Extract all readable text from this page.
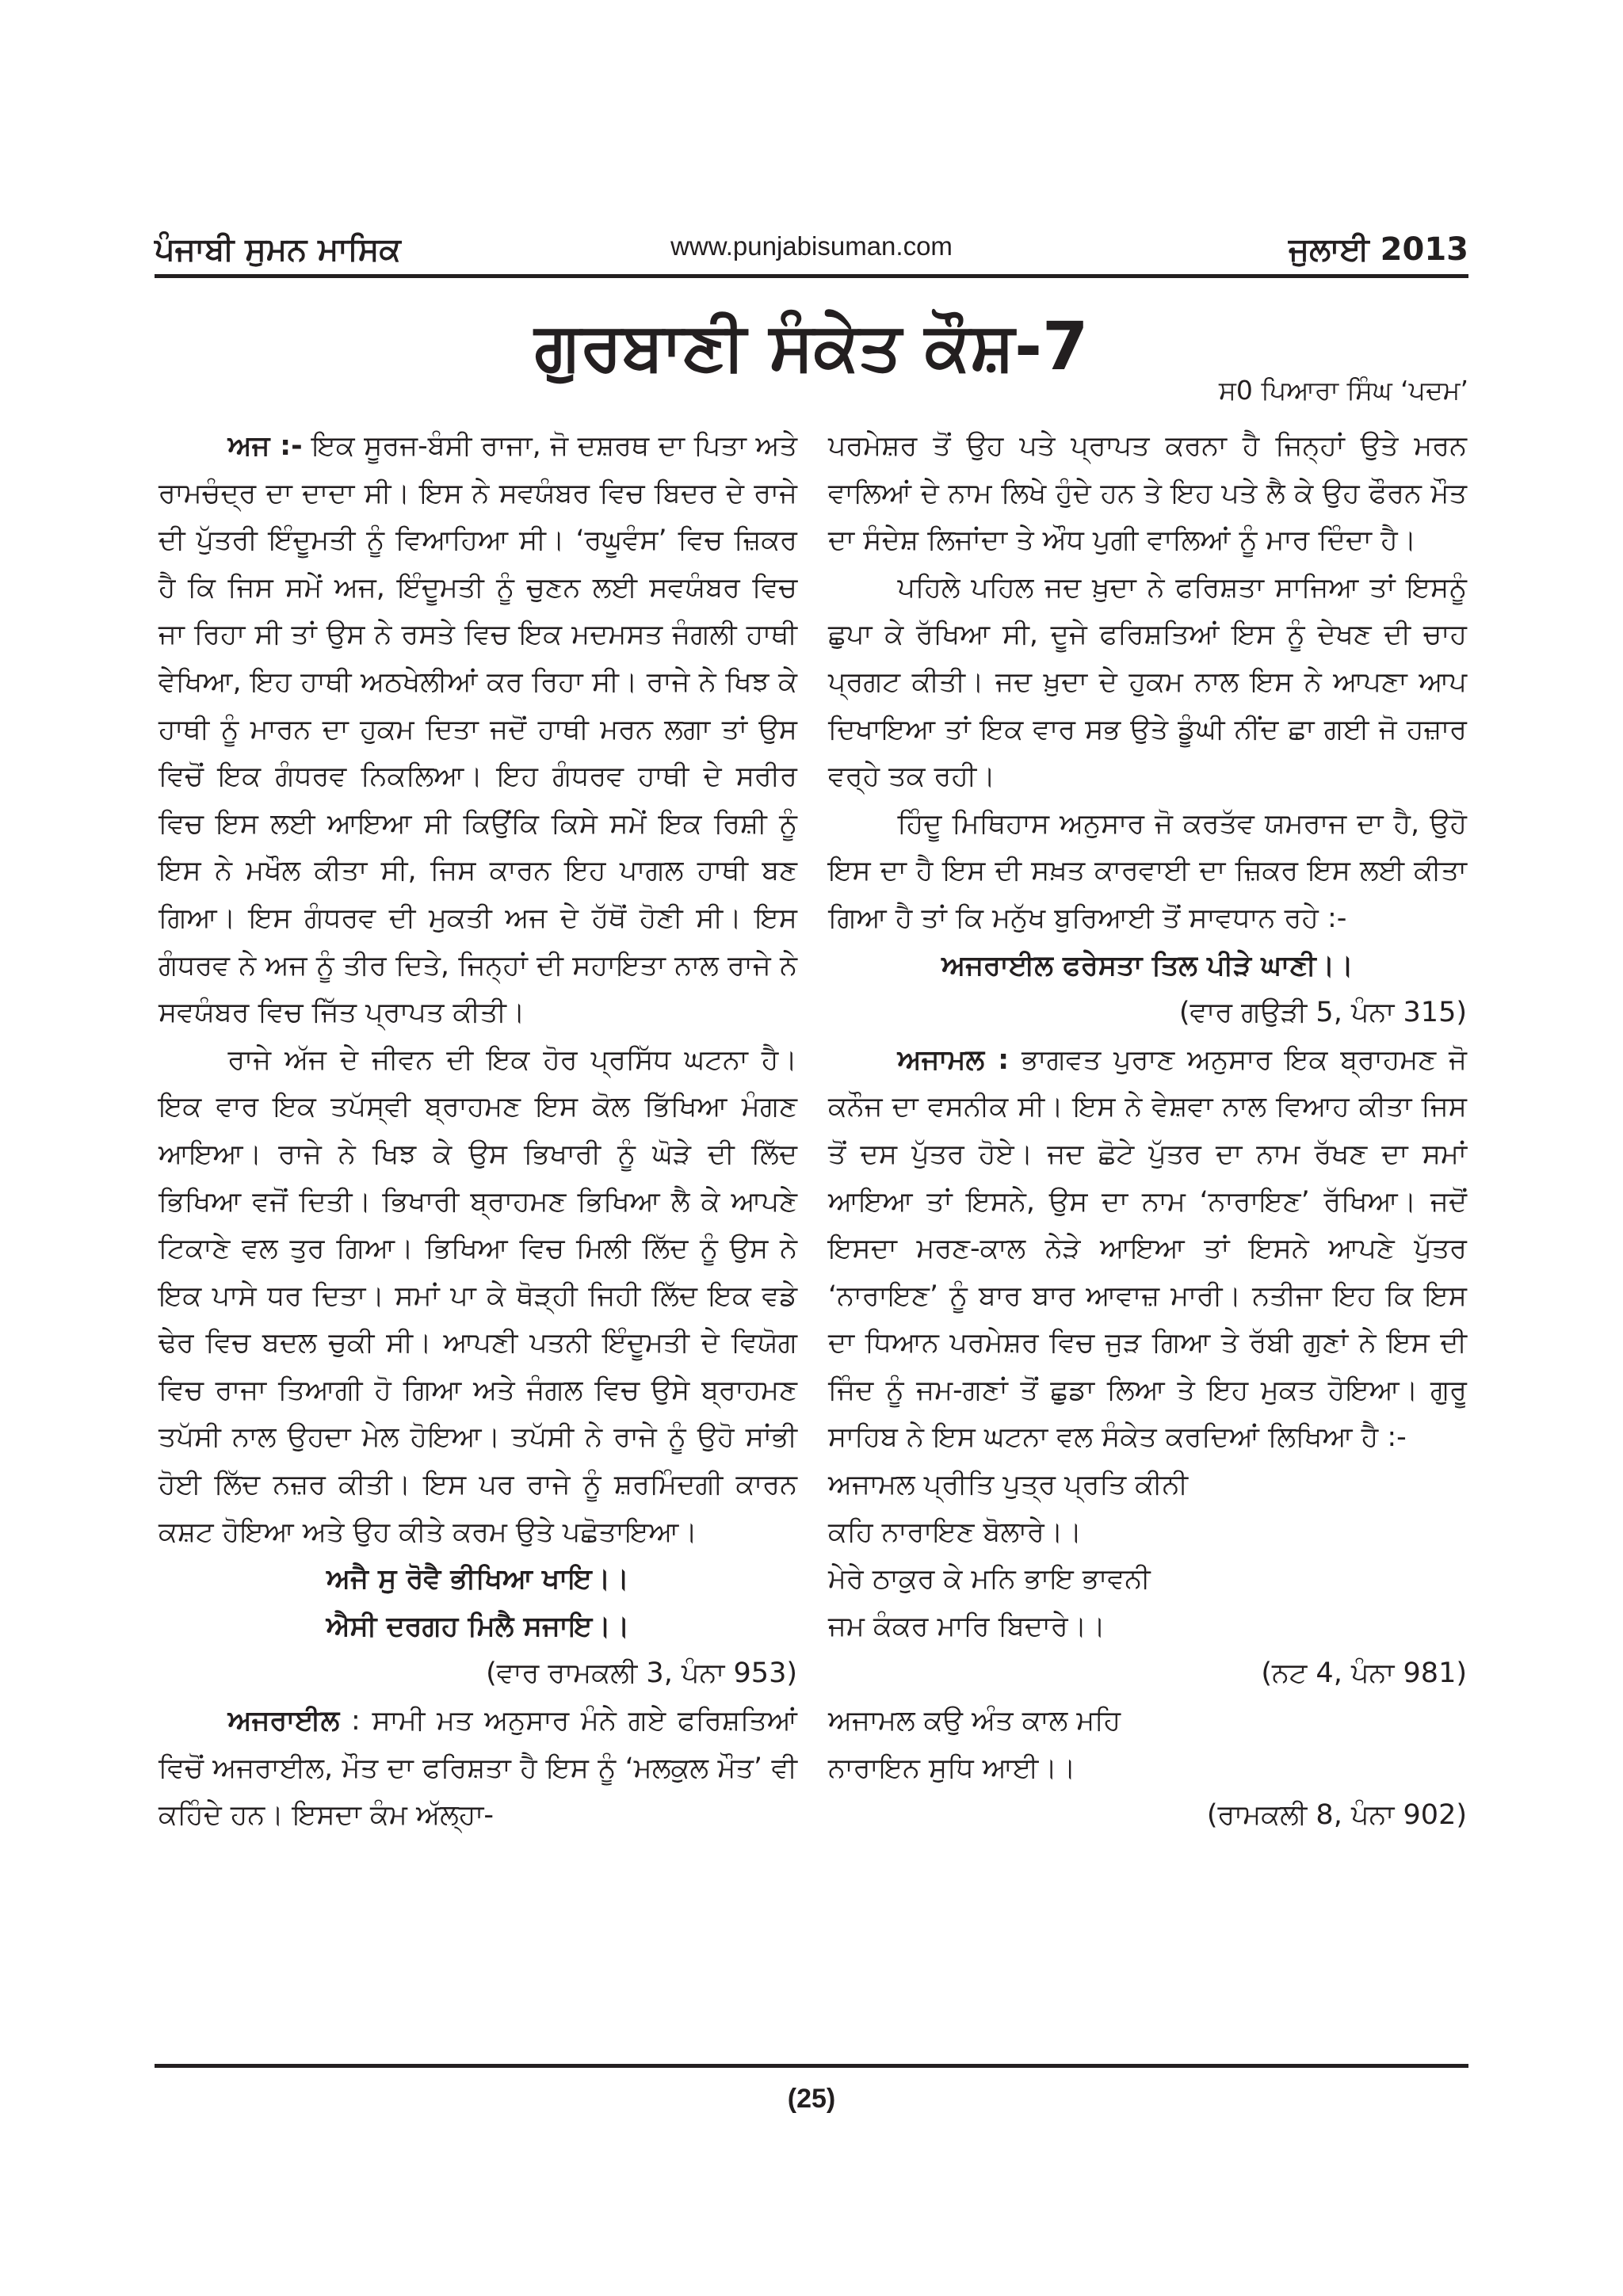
ਪੰਜਾਬੀ ਸੁਮਨ ਮਾਸਿਕ	www.punjabisuman.com	ਜੁਲਾਈ 2013
ਗੁਰਬਾਣੀ ਸੰਕੇਤ ਕੌਸ਼-7
ਸ0 ਪਿਆਰਾ ਸਿੰਘ ‘ਪਦਮ’

ਅਜ :- ਇਕ ਸੂਰਜ-ਬੰਸੀ ਰਾਜਾ, ਜੋ ਦਸ਼ਰਥ ਦਾ ਪਿਤਾ ਅਤੇ ਰਾਮਚੰਦ੍ਰ ਦਾ ਦਾਦਾ ਸੀ। ਇਸ ਨੇ ਸਵਯੰਬਰ ਵਿਚ ਬਿਦਰ ਦੇ ਰਾਜੇ ਦੀ ਪੁੱਤਰੀ ਇੰਦੂਮਤੀ ਨੂੰ ਵਿਆਹਿਆ ਸੀ। ‘ਰਘੂਵੰਸ’ ਵਿਚ ਜ਼ਿਕਰ ਹੈ ਕਿ ਜਿਸ ਸਮੇਂ ਅਜ, ਇੰਦੂਮਤੀ ਨੂੰ ਚੁਣਨ ਲਈ ਸਵਯੰਬਰ ਵਿਚ ਜਾ ਰਿਹਾ ਸੀ ਤਾਂ ਉਸ ਨੇ ਰਸਤੇ ਵਿਚ ਇਕ ਮਦਮਸਤ ਜੰਗਲੀ ਹਾਥੀ ਵੇਖਿਆ, ਇਹ ਹਾਥੀ ਅਠਖੇਲੀਆਂ ਕਰ ਰਿਹਾ ਸੀ। ਰਾਜੇ ਨੇ ਖਿਝ ਕੇ ਹਾਥੀ ਨੂੰ ਮਾਰਨ ਦਾ ਹੁਕਮ ਦਿਤਾ ਜਦੋਂ ਹਾਥੀ ਮਰਨ ਲਗਾ ਤਾਂ ਉਸ ਵਿਚੋਂ ਇਕ ਗੰਧਰਵ ਨਿਕਲਿਆ। ਇਹ ਗੰਧਰਵ ਹਾਥੀ ਦੇ ਸਰੀਰ ਵਿਚ ਇਸ ਲਈ ਆਇਆ ਸੀ ਕਿਉਂਕਿ ਕਿਸੇ ਸਮੇਂ ਇਕ ਰਿਸ਼ੀ ਨੂੰ ਇਸ ਨੇ ਮਖੌਲ ਕੀਤਾ ਸੀ, ਜਿਸ ਕਾਰਨ ਇਹ ਪਾਗਲ ਹਾਥੀ ਬਣ ਗਿਆ। ਇਸ ਗੰਧਰਵ ਦੀ ਮੁਕਤੀ ਅਜ ਦੇ ਹੱਥੋਂ ਹੋਣੀ ਸੀ। ਇਸ ਗੰਧਰਵ ਨੇ ਅਜ ਨੂੰ ਤੀਰ ਦਿਤੇ, ਜਿਨ੍ਹਾਂ ਦੀ ਸਹਾਇਤਾ ਨਾਲ ਰਾਜੇ ਨੇ ਸਵਯੰਬਰ ਵਿਚ ਜਿੱਤ ਪ੍ਰਾਪਤ ਕੀਤੀ।

ਰਾਜੇ ਅੱਜ ਦੇ ਜੀਵਨ ਦੀ ਇਕ ਹੋਰ ਪ੍ਰਸਿੱਧ ਘਟਨਾ ਹੈ। ਇਕ ਵਾਰ ਇਕ ਤਪੱਸ੍ਵੀ ਬ੍ਰਾਹਮਣ ਇਸ ਕੋਲ ਭਿੱਖਿਆ ਮੰਗਣ ਆਇਆ। ਰਾਜੇ ਨੇ ਖਿਝ ਕੇ ਉਸ ਭਿਖਾਰੀ ਨੂੰ ਘੋੜੇ ਦੀ ਲਿੱਦ ਭਿਖਿਆ ਵਜੋਂ ਦਿਤੀ। ਭਿਖਾਰੀ ਬ੍ਰਾਹਮਣ ਭਿਖਿਆ ਲੈ ਕੇ ਆਪਣੇ ਟਿਕਾਣੇ ਵਲ ਤੁਰ ਗਿਆ। ਭਿਖਿਆ ਵਿਚ ਮਿਲੀ ਲਿੱਦ ਨੂੰ ਉਸ ਨੇ ਇਕ ਪਾਸੇ ਧਰ ਦਿਤਾ। ਸਮਾਂ ਪਾ ਕੇ ਥੋੜ੍ਹੀ ਜਿਹੀ ਲਿੱਦ ਇਕ ਵਡੇ ਢੇਰ ਵਿਚ ਬਦਲ ਚੁਕੀ ਸੀ। ਆਪਣੀ ਪਤਨੀ ਇੰਦੂਮਤੀ ਦੇ ਵਿਯੋਗ ਵਿਚ ਰਾਜਾ ਤਿਆਗੀ ਹੋ ਗਿਆ ਅਤੇ ਜੰਗਲ ਵਿਚ ਉਸੇ ਬ੍ਰਾਹਮਣ ਤਪੱਸੀ ਨਾਲ ਉਹਦਾ ਮੇਲ ਹੋਇਆ। ਤਪੱਸੀ ਨੇ ਰਾਜੇ ਨੂੰ ਉਹੋ ਸਾਂਭੀ ਹੋਈ ਲਿੱਦ ਨਜ਼ਰ ਕੀਤੀ। ਇਸ ਪਰ ਰਾਜੇ ਨੂੰ ਸ਼ਰਮਿੰਦਗੀ ਕਾਰਨ ਕਸ਼ਟ ਹੋਇਆ ਅਤੇ ਉਹ ਕੀਤੇ ਕਰਮ ਉਤੇ ਪਛੋਤਾਇਆ।

ਅਜੈ ਸੁ ਰੋਵੈ ਭੀਖਿਆ ਖਾਇ।।

ਐਸੀ ਦਰਗਹ ਮਿਲੈ ਸਜਾਇ।।

(ਵਾਰ ਰਾਮਕਲੀ 3, ਪੰਨਾ 953)

ਅਜਰਾਈਲ : ਸਾਮੀ ਮਤ ਅਨੁਸਾਰ ਮੰਨੇ ਗਏ ਫਰਿਸ਼ਤਿਆਂ ਵਿਚੋਂ ਅਜਰਾਈਲ, ਮੌਤ ਦਾ ਫਰਿਸ਼ਤਾ ਹੈ ਇਸ ਨੂੰ ‘ਮਲਕੁਲ ਮੌਤ’ ਵੀ ਕਹਿੰਦੇ ਹਨ। ਇਸਦਾ ਕੰਮ ਅੱਲ੍ਹਾ-

ਪਰਮੇਸ਼ਰ ਤੋਂ ਉਹ ਪਤੇ ਪ੍ਰਾਪਤ ਕਰਨਾ ਹੈ ਜਿਨ੍ਹਾਂ ਉਤੇ ਮਰਨ ਵਾਲਿਆਂ ਦੇ ਨਾਮ ਲਿਖੇ ਹੁੰਦੇ ਹਨ ਤੇ ਇਹ ਪਤੇ ਲੈ ਕੇ ਉਹ ਫੌਰਨ ਮੌਤ ਦਾ ਸੰਦੇਸ਼ ਲਿਜਾਂਦਾ ਤੇ ਔਧ ਪੁਗੀ ਵਾਲਿਆਂ ਨੂੰ ਮਾਰ ਦਿੰਦਾ ਹੈ।

ਪਹਿਲੇ ਪਹਿਲ ਜਦ ਖ਼ੁਦਾ ਨੇ ਫਰਿਸ਼ਤਾ ਸਾਜਿਆ ਤਾਂ ਇਸਨੂੰ ਛੁਪਾ ਕੇ ਰੱਖਿਆ ਸੀ, ਦੂਜੇ ਫਰਿਸ਼ਤਿਆਂ ਇਸ ਨੂੰ ਦੇਖਣ ਦੀ ਚਾਹ ਪ੍ਰਗਟ ਕੀਤੀ। ਜਦ ਖ਼ੁਦਾ ਦੇ ਹੁਕਮ ਨਾਲ ਇਸ ਨੇ ਆਪਣਾ ਆਪ ਦਿਖਾਇਆ ਤਾਂ ਇਕ ਵਾਰ ਸਭ ਉਤੇ ਡੂੰਘੀ ਨੀਂਦ ਛਾ ਗਈ ਜੋ ਹਜ਼ਾਰ ਵਰ੍ਹੇ ਤਕ ਰਹੀ।

ਹਿੰਦੂ ਮਿਥਿਹਾਸ ਅਨੁਸਾਰ ਜੋ ਕਰਤੱਵ ਯਮਰਾਜ ਦਾ ਹੈ, ਉਹੋ ਇਸ ਦਾ ਹੈ ਇਸ ਦੀ ਸਖ਼ਤ ਕਾਰਵਾਈ ਦਾ ਜ਼ਿਕਰ ਇਸ ਲਈ ਕੀਤਾ ਗਿਆ ਹੈ ਤਾਂ ਕਿ ਮਨੁੱਖ ਬੁਰਿਆਈ ਤੋਂ ਸਾਵਧਾਨ ਰਹੇ :-

ਅਜਰਾਈਲ ਫਰੇਸਤਾ ਤਿਲ ਪੀੜੇ ਘਾਣੀ।।

(ਵਾਰ ਗਉੜੀ 5, ਪੰਨਾ 315)

ਅਜਾਮਲ : ਭਾਗਵਤ ਪੁਰਾਣ ਅਨੁਸਾਰ ਇਕ ਬ੍ਰਾਹਮਣ ਜੋ ਕਨੌਜ ਦਾ ਵਸਨੀਕ ਸੀ। ਇਸ ਨੇ ਵੇਸ਼ਵਾ ਨਾਲ ਵਿਆਹ ਕੀਤਾ ਜਿਸ ਤੋਂ ਦਸ ਪੁੱਤਰ ਹੋਏ। ਜਦ ਛੋਟੇ ਪੁੱਤਰ ਦਾ ਨਾਮ ਰੱਖਣ ਦਾ ਸਮਾਂ ਆਇਆ ਤਾਂ ਇਸਨੇ, ਉਸ ਦਾ ਨਾਮ ‘ਨਾਰਾਇਣ’ ਰੱਖਿਆ। ਜਦੋਂ ਇਸਦਾ ਮਰਣ-ਕਾਲ ਨੇੜੇ ਆਇਆ ਤਾਂ ਇਸਨੇ ਆਪਣੇ ਪੁੱਤਰ ‘ਨਾਰਾਇਣ’ ਨੂੰ ਬਾਰ ਬਾਰ ਆਵਾਜ਼ ਮਾਰੀ। ਨਤੀਜਾ ਇਹ ਕਿ ਇਸ ਦਾ ਧਿਆਨ ਪਰਮੇਸ਼ਰ ਵਿਚ ਜੁੜ ਗਿਆ ਤੇ ਰੱਬੀ ਗੁਣਾਂ ਨੇ ਇਸ ਦੀ ਜਿੰਦ ਨੂੰ ਜਮ-ਗਣਾਂ ਤੋਂ ਛੁਡਾ ਲਿਆ ਤੇ ਇਹ ਮੁਕਤ ਹੋਇਆ। ਗੁਰੂ ਸਾਹਿਬ ਨੇ ਇਸ ਘਟਨਾ ਵਲ ਸੰਕੇਤ ਕਰਦਿਆਂ ਲਿਖਿਆ ਹੈ :-

ਅਜਾਮਲ ਪ੍ਰੀਤਿ ਪੁਤ੍ਰ ਪ੍ਰਤਿ ਕੀਨੀ

ਕਹਿ ਨਾਰਾਇਣ ਬੋਲਾਰੇ।।

ਮੇਰੇ ਠਾਕੁਰ ਕੇ ਮਨਿ ਭਾਇ ਭਾਵਨੀ

ਜਮ ਕੰਕਰ ਮਾਰਿ ਬਿਦਾਰੇ।।

(ਨਟ 4, ਪੰਨਾ 981)

ਅਜਾਮਲ ਕਉ ਅੰਤ ਕਾਲ ਮਹਿ

ਨਾਰਾਇਨ ਸੁਧਿ ਆਈ।।

(ਰਾਮਕਲੀ 8, ਪੰਨਾ 902)

(25)
